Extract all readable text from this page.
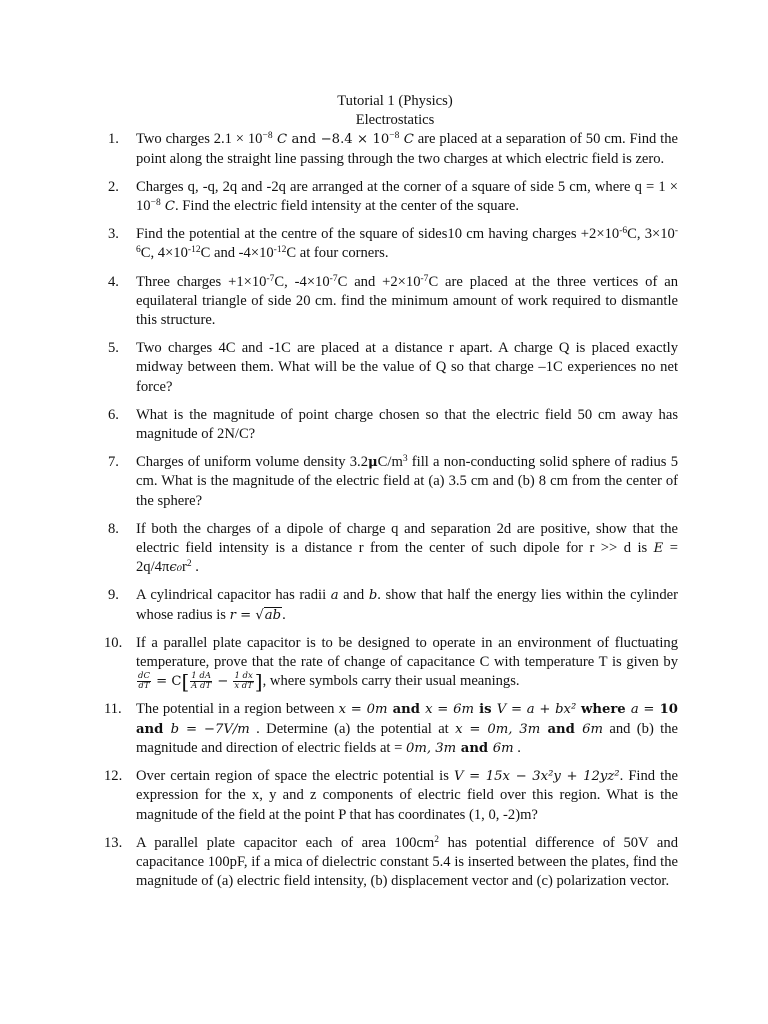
Tutorial 1 (Physics)
Electrostatics
1.	Two charges $2.1 \times 10^{-8}$ C and $-8.4 \times 10^{-8}$ C are placed at a separation of 50 cm. Find the point along the straight line passing through the two charges at which electric field is zero.

2.	Charges q, -q, 2q and -2q are arranged at the corner of a square of side 5 cm, where $q = 1 \times 10^{-8}$ C. Find the electric field intensity at the center of the square.

3.	Find the potential at the centre of the square of sides10 cm having charges $+2\times 10^{-6}C$, $3\times 10^{-6}C$, $4\times 10^{-12}C$ and $-4\times 10^{-12}C$ at four corners.

4.	Three charges $+1\times 10^{-7}C$, $-4\times 10^{-7}C$ and $+2\times 10^{-7}C$ are placed at the three vertices of an equilateral triangle of side 20 cm. find the minimum amount of work required to dismantle this structure.

5.	Two charges 4C and -1C are placed at a distance r apart. A charge Q is placed exactly midway between them. What will be the value of Q so that charge –1C experiences no net force?

6.	What is the magnitude of point charge chosen so that the electric field 50 cm away has magnitude of 2N/C?

7.	Charges of uniform volume density $3.2\mu C/m^3$ fill a non-conducting solid sphere of radius 5 cm. What is the magnitude of the electric field at (a) 3.5 cm and (b) 8 cm from the center of the sphere?

8.	If both the charges of a dipole of charge q and separation 2d are positive, show that the electric field intensity is a distance r from the center of such dipole for r >> d is $E = 2q/4\pi\epsilon_0r^2$ .

9.	A cylindrical capacitor has radii a and b. show that half the energy lies within the cylinder whose radius is r = √ab.

10. If a parallel plate capacitor is to be designed to operate in an environment of fluctuating temperature, prove that the rate of change of capacitance C with temperature T is given by
$\frac{dC}{dT} = C[ \frac{1 dA}{\text{A dT}} - \frac{1 dx}{\text{x dT}}$ ], where symbols carry their usual meanings.

11. The potential in a region between x = 0m and x = 6m is V = a + bx² where a = 10 and b = −7V/m . Determine (a) the potential at x = 0m, 3m and 6m and (b) the magnitude and direction of electric fields at = 0m, 3m and 6m .

12. Over certain region of space the electric potential is V = 15x − 3x²y + 12yz². Find the expression for the x, y and z components of electric field over this region. What is the magnitude of the field at the point P that has coordinates (1, 0, -2)m?

13. A parallel plate capacitor each of area $100cm^2$ has potential difference of 50V and capacitance 100pF, if a mica of dielectric constant 5.4 is inserted between the plates, find the magnitude of (a) electric field intensity, (b) displacement vector and (c) polarization vector.
